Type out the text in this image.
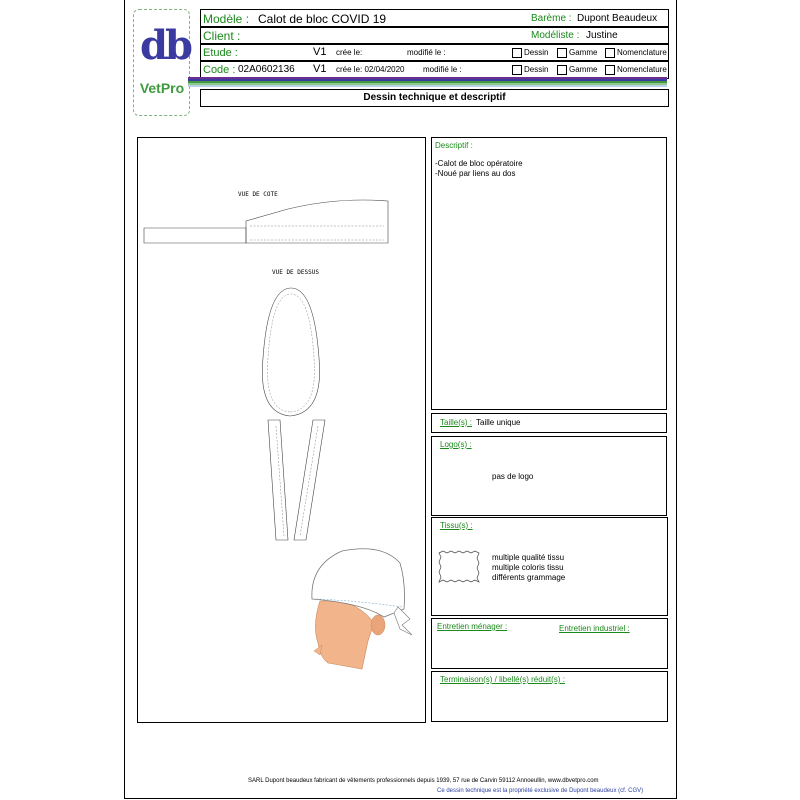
db
VetPro
Modèle : Calot de bloc COVID 19	Barème : Dupont Beaudeux
Client :	Modéliste : Justine
Etude :	V1 crée le:	modifié le :	Dessin	Gamme	Nomenclature
Code : 02A0602136 V1 crée le: 02/04/2020 modifié le :	Dessin	Gamme	Nomenclature
Dessin technique et descriptif
VUE DE COTE
VUE DE DESSUS
Descriptif :
-Calot de bloc opératoire
-Noué par liens au dos
Taille(s) : Taille unique
Logo(s) :
pas de logo
Tissu(s) :
multiple qualité tissu
multiple coloris tissu
différents grammage
Entretien ménager :	Entretien industriel :
Terminaison(s) / libellé(s) réduit(s) :
SARL Dupont beaudeux fabricant de vêtements professionnels depuis 1939, 57 rue de Carvin 59112 Annoeullin, www.dbvetpro.com
Ce dessin technique est la propriété exclusive de Dupont beaudeux (cf. CGV)
